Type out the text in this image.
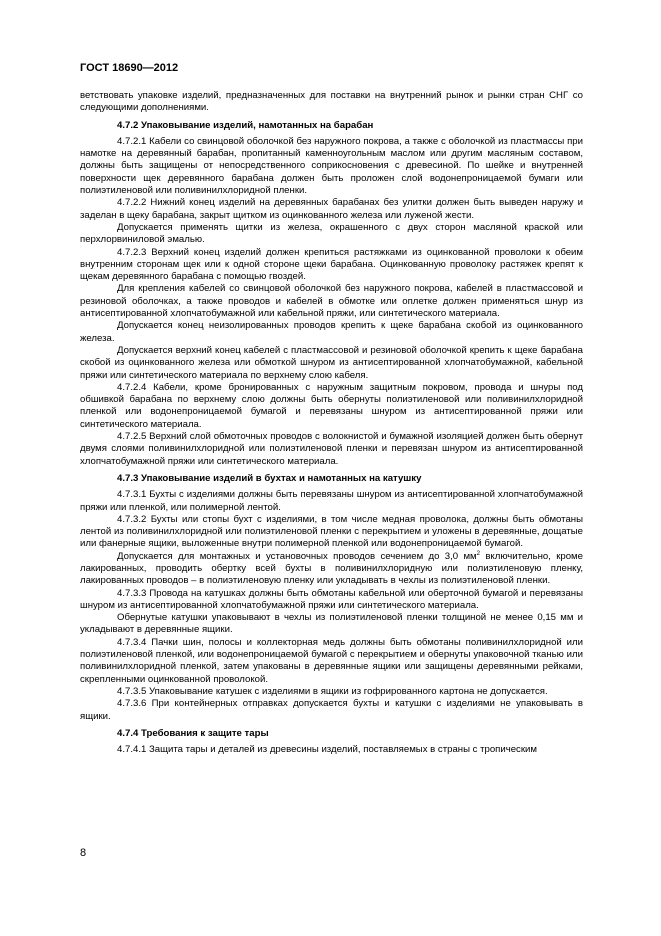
ГОСТ 18690—2012

ветствовать упаковке изделий, предназначенных для поставки на внутренний рынок и рынки стран СНГ со следующими дополнениями.

4.7.2 Упаковывание изделий, намотанных на барабан

4.7.2.1 Кабели со свинцовой оболочкой без наружного покрова, а также с оболочкой из пластмассы при намотке на деревянный барабан, пропитанный каменноугольным маслом или другим масляным составом, должны быть защищены от непосредственного соприкосновения с древесиной. По шейке и внутренней поверхности щек деревянного барабана должен быть проложен слой водонепроницаемой бумаги или полиэтиленовой или поливинилхлоридной пленки.

4.7.2.2 Нижний конец изделий на деревянных барабанах без улитки должен быть выведен наружу и заделан в щеку барабана, закрыт щитком из оцинкованного железа или луженой жести.

Допускается применять щитки из железа, окрашенного с двух сторон масляной краской или перхлорвиниловой эмалью.

4.7.2.3 Верхний конец изделий должен крепиться растяжками из оцинкованной проволоки к обеим внутренним сторонам щек или к одной стороне щеки барабана. Оцинкованную проволоку растяжек крепят к щекам деревянного барабана с помощью гвоздей.

Для крепления кабелей со свинцовой оболочкой без наружного покрова, кабелей в пластмассовой и резиновой оболочках, а также проводов и кабелей в обмотке или оплетке должен применяться шнур из антисептированной хлопчатобумажной или кабельной пряжи, или синтетического материала.

Допускается конец неизолированных проводов крепить к щеке барабана скобой из оцинкованного железа.

Допускается верхний конец кабелей с пластмассовой и резиновой оболочкой крепить к щеке барабана скобой из оцинкованного железа или обмоткой шнуром из антисептированной хлопчатобумажной, кабельной пряжи или синтетического материала по верхнему слою кабеля.

4.7.2.4 Кабели, кроме бронированных с наружным защитным покровом, провода и шнуры под обшивкой барабана по верхнему слою должны быть обернуты полиэтиленовой или поливинилхлоридной пленкой или водонепроницаемой бумагой и перевязаны шнуром из антисептированной пряжи или синтетического материала.

4.7.2.5 Верхний слой обмоточных проводов с волокнистой и бумажной изоляцией должен быть обернут двумя слоями поливинилхлоридной или полиэтиленовой пленки и перевязан шнуром из антисептированной хлопчатобумажной пряжи или синтетического материала.

4.7.3 Упаковывание изделий в бухтах и намотанных на катушку

4.7.3.1 Бухты с изделиями должны быть перевязаны шнуром из антисептированной хлопчатобумажной пряжи или пленкой, или полимерной лентой.

4.7.3.2 Бухты или стопы бухт с изделиями, в том числе медная проволока, должны быть обмотаны лентой из поливинилхлоридной или полиэтиленовой пленки с перекрытием и уложены в деревянные, дощатые или фанерные ящики, выложенные внутри полимерной пленкой или водонепроницаемой бумагой.

Допускается для монтажных и установочных проводов сечением до 3,0 $мм^2$ включительно, кроме лакированных, проводить обертку всей бухты в поливинилхлоридную или полиэтиленовую пленку, лакированных проводов – в полиэтиленовую пленку или укладывать в чехлы из полиэтиленовой пленки.

4.7.3.3 Провода на катушках должны быть обмотаны кабельной или оберточной бумагой и перевязаны шнуром из антисептированной хлопчатобумажной пряжи или синтетического материала.

Обернутые катушки упаковывают в чехлы из полиэтиленовой пленки толщиной не менее 0,15 мм и укладывают в деревянные ящики.

4.7.3.4 Пачки шин, полосы и коллекторная медь должны быть обмотаны поливинилхлоридной или полиэтиленовой пленкой, или водонепроницаемой бумагой с перекрытием и обернуты упаковочной тканью или поливинилхлоридной пленкой, затем упакованы в деревянные ящики или защищены деревянными рейками, скрепленными оцинкованной проволокой.

4.7.3.5 Упаковывание катушек с изделиями в ящики из гофрированного картона не допускается.

4.7.3.6 При контейнерных отправках допускается бухты и катушки с изделиями не упаковывать в ящики.

4.7.4 Требования к защите тары

4.7.4.1 Защита тары и деталей из древесины изделий, поставляемых в страны с тропическим

8
